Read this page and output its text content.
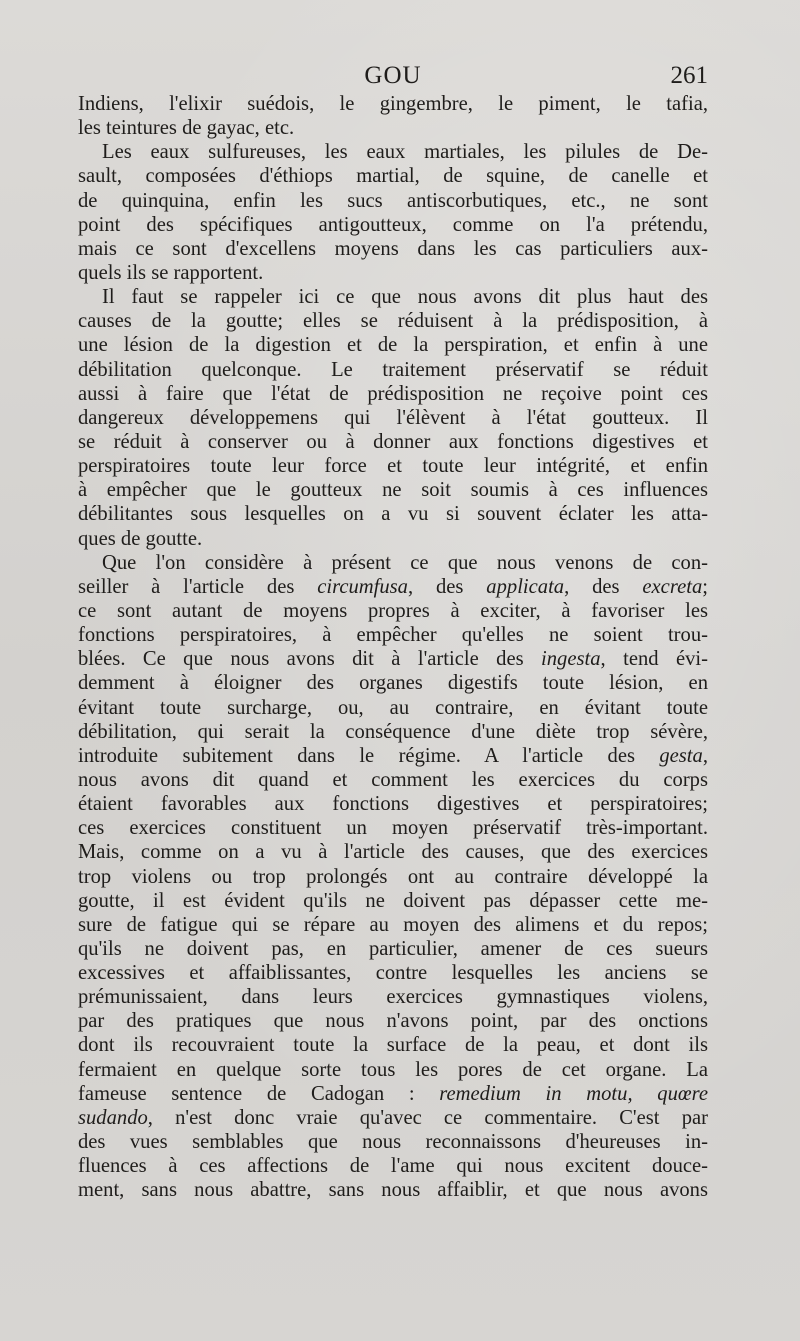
GOU	261
Indiens, l'elixir suédois, le gingembre, le piment, le tafia,
les teintures de gayac, etc.
Les eaux sulfureuses, les eaux martiales, les pilules de De-
sault, composées d'éthiops martial, de squine, de canelle et
de quinquina, enfin les sucs antiscorbutiques, etc., ne sont
point des spécifiques antigoutteux, comme on l'a prétendu,
mais ce sont d'excellens moyens dans les cas particuliers aux-
quels ils se rapportent.
Il faut se rappeler ici ce que nous avons dit plus haut des
causes de la goutte; elles se réduisent à la prédisposition, à
une lésion de la digestion et de la perspiration, et enfin à une
débilitation quelconque. Le traitement préservatif se réduit
aussi à faire que l'état de prédisposition ne reçoive point ces
dangereux développemens qui l'élèvent à l'état goutteux. Il
se réduit à conserver ou à donner aux fonctions digestives et
perspiratoires toute leur force et toute leur intégrité, et enfin
à empêcher que le goutteux ne soit soumis à ces influences
débilitantes sous lesquelles on a vu si souvent éclater les atta-
ques de goutte.
Que l'on considère à présent ce que nous venons de con-
seiller à l'article des circumfusa, des applicata, des excreta;
ce sont autant de moyens propres à exciter, à favoriser les
fonctions perspiratoires, à empêcher qu'elles ne soient trou-
blées. Ce que nous avons dit à l'article des ingesta, tend évi-
demment à éloigner des organes digestifs toute lésion, en
évitant toute surcharge, ou, au contraire, en évitant toute
débilitation, qui serait la conséquence d'une diète trop sévère,
introduite subitement dans le régime. A l'article des gesta,
nous avons dit quand et comment les exercices du corps
étaient favorables aux fonctions digestives et perspiratoires;
ces exercices constituent un moyen préservatif très-important.
Mais, comme on a vu à l'article des causes, que des exercices
trop violens ou trop prolongés ont au contraire développé la
goutte, il est évident qu'ils ne doivent pas dépasser cette me-
sure de fatigue qui se répare au moyen des alimens et du repos;
qu'ils ne doivent pas, en particulier, amener de ces sueurs
excessives et affaiblissantes, contre lesquelles les anciens se
prémunissaient, dans leurs exercices gymnastiques violens,
par des pratiques que nous n'avons point, par des onctions
dont ils recouvraient toute la surface de la peau, et dont ils
fermaient en quelque sorte tous les pores de cet organe. La
fameuse sentence de Cadogan : remedium in motu, quœre
sudando, n'est donc vraie qu'avec ce commentaire. C'est par
des vues semblables que nous reconnaissons d'heureuses in-
fluences à ces affections de l'ame qui nous excitent douce-
ment, sans nous abattre, sans nous affaiblir, et que nous avons
